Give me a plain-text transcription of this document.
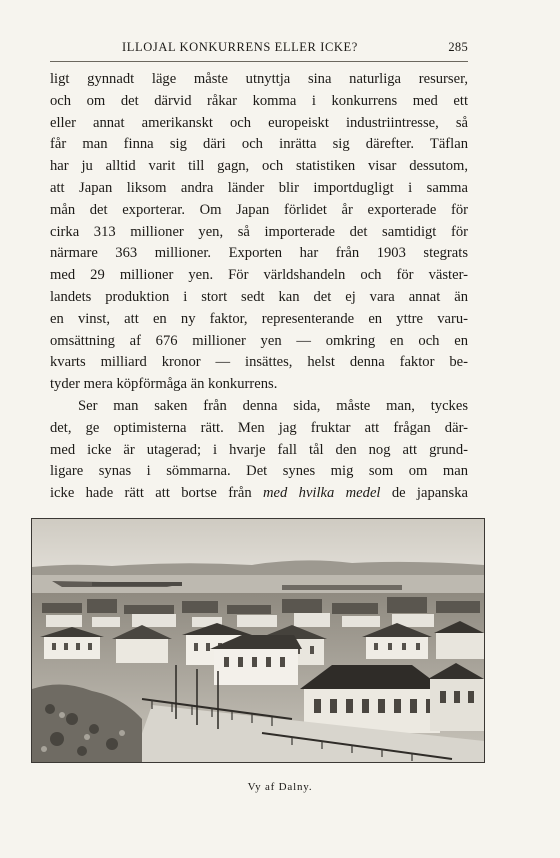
ILLOJAL KONKURRENS ELLER ICKE?	285
ligt gynnadt läge måste utnyttja sina naturliga resurser,
och om det därvid råkar komma i konkurrens med ett
eller annat amerikanskt och europeiskt industriintresse, så
får man finna sig däri och inrätta sig därefter. Täflan
har ju alltid varit till gagn, och statistiken visar dessutom,
att Japan liksom andra länder blir importdugligt i samma
mån det exporterar. Om Japan förlidet år exporterade för
cirka 313 millioner yen, så importerade det samtidigt för
närmare 363 millioner. Exporten har från 1903 stegrats
med 29 millioner yen. För världshandeln och för väster-
landets produktion i stort sedt kan det ej vara annat än
en vinst, att en ny faktor, representerande en yttre varu-
omsättning af 676 millioner yen — omkring en och en
kvarts milliard kronor — insättes, helst denna faktor be-
tyder mera köpförmåga än konkurrens.
Ser man saken från denna sida, måste man, tyckes
det, ge optimisterna rätt. Men jag fruktar att frågan där-
med icke är utagerad; i hvarje fall tål den nog att grund-
ligare synas i sömmarna. Det synes mig som om man
icke hade rätt att bortse från med hvilka medel de japanska
Vy af Dalny.
